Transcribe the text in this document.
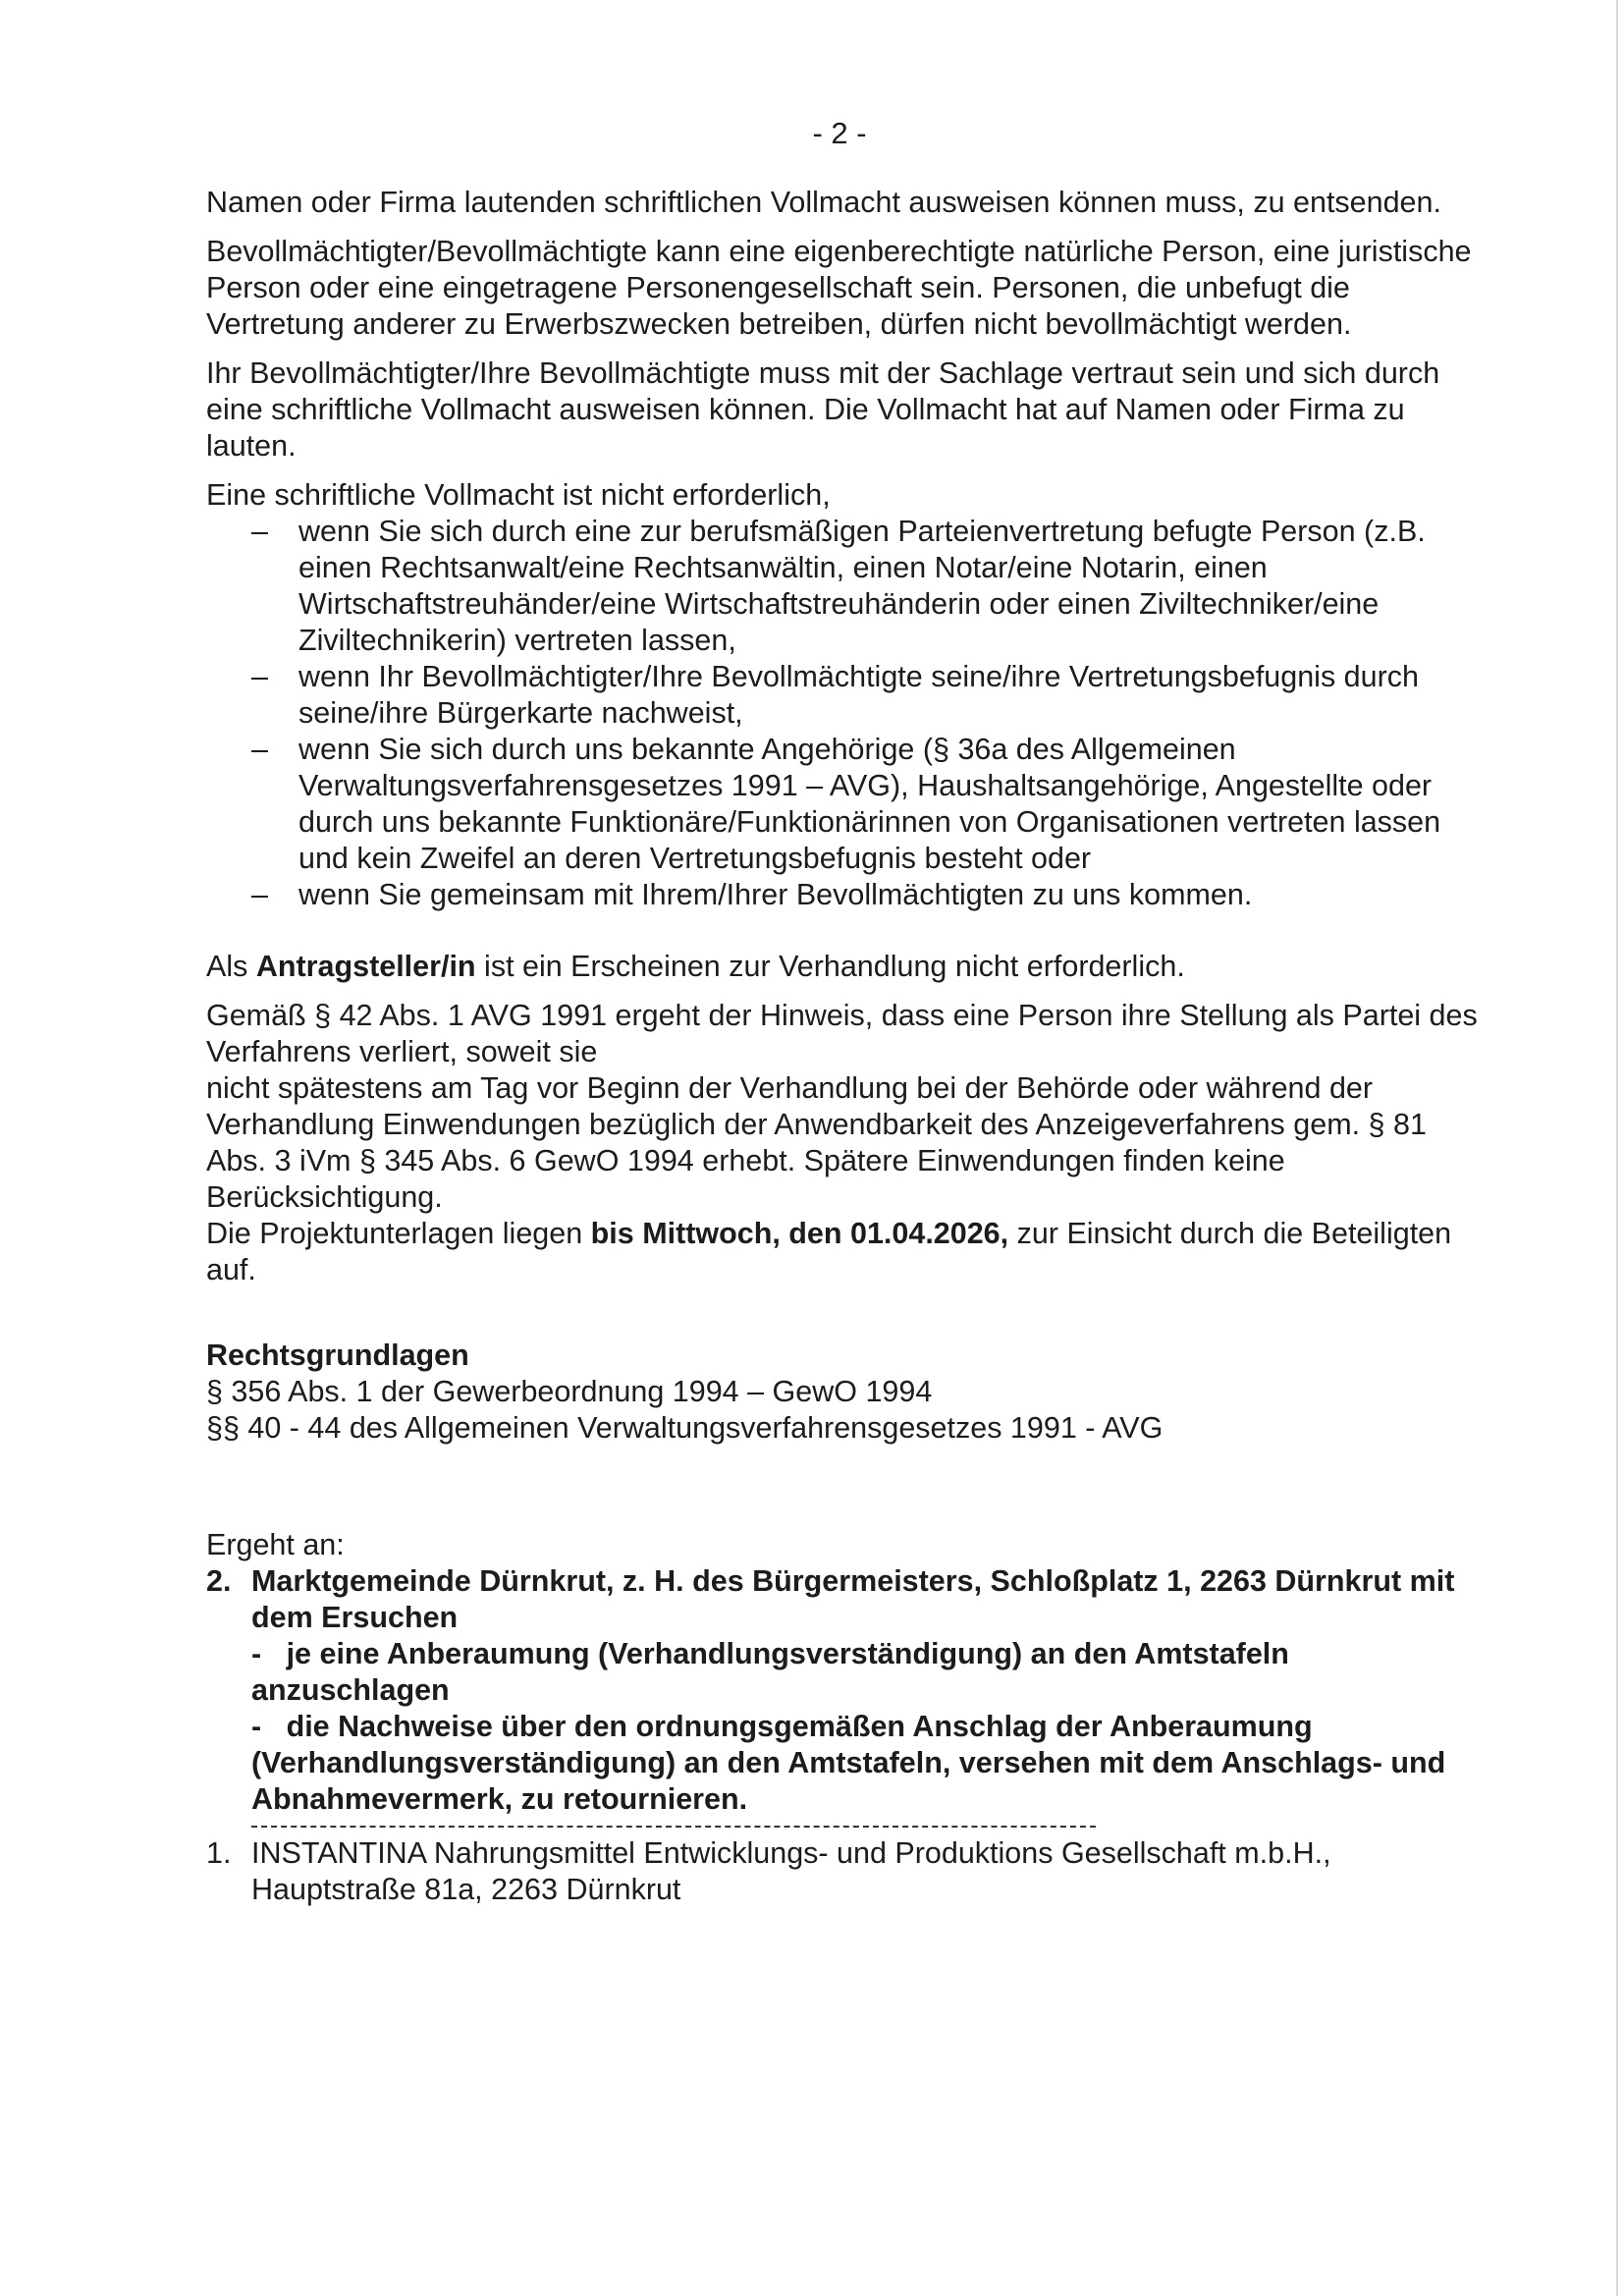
- 2 -

Namen oder Firma lautenden schriftlichen Vollmacht ausweisen können muss, zu entsenden.

Bevollmächtigter/Bevollmächtigte kann eine eigenberechtigte natürliche Person, eine juristische Person oder eine eingetragene Personengesellschaft sein. Personen, die unbefugt die Vertretung anderer zu Erwerbszwecken betreiben, dürfen nicht bevollmächtigt werden.

Ihr Bevollmächtigter/Ihre Bevollmächtigte muss mit der Sachlage vertraut sein und sich durch eine schriftliche Vollmacht ausweisen können. Die Vollmacht hat auf Namen oder Firma zu lauten.

Eine schriftliche Vollmacht ist nicht erforderlich,

– wenn Sie sich durch eine zur berufsmäßigen Parteienvertretung befugte Person (z.B. einen Rechtsanwalt/eine Rechtsanwältin, einen Notar/eine Notarin, einen Wirtschaftstreuhänder/eine Wirtschaftstreuhänderin oder einen Ziviltechniker/eine Ziviltechnikerin) vertreten lassen,
– wenn Ihr Bevollmächtigter/Ihre Bevollmächtigte seine/ihre Vertretungsbefugnis durch seine/ihre Bürgerkarte nachweist,
– wenn Sie sich durch uns bekannte Angehörige (§ 36a des Allgemeinen Verwaltungsverfahrensgesetzes 1991 – AVG), Haushaltsangehörige, Angestellte oder durch uns bekannte Funktionäre/Funktionärinnen von Organisationen vertreten lassen und kein Zweifel an deren Vertretungsbefugnis besteht oder
– wenn Sie gemeinsam mit Ihrem/Ihrer Bevollmächtigten zu uns kommen.

Als Antragsteller/in ist ein Erscheinen zur Verhandlung nicht erforderlich.

Gemäß § 42 Abs. 1 AVG 1991 ergeht der Hinweis, dass eine Person ihre Stellung als Partei des Verfahrens verliert, soweit sie

nicht spätestens am Tag vor Beginn der Verhandlung bei der Behörde oder während der Verhandlung Einwendungen bezüglich der Anwendbarkeit des Anzeigeverfahrens gem. § 81 Abs. 3 iVm § 345 Abs. 6 GewO 1994 erhebt. Spätere Einwendungen finden keine Berücksichtigung.

Die Projektunterlagen liegen bis Mittwoch, den 01.04.2026, zur Einsicht durch die Beteiligten auf.

Rechtsgrundlagen

§ 356 Abs. 1 der Gewerbeordnung 1994 – GewO 1994

§§ 40 - 44 des Allgemeinen Verwaltungsverfahrensgesetzes 1991 - AVG

Ergeht an:

2. Marktgemeinde Dürnkrut, z. H. des Bürgermeisters, Schloßplatz 1, 2263 Dürnkrut mit dem Ersuchen
-   je eine Anberaumung (Verhandlungsverständigung) an den Amtstafeln anzuschlagen
-   die Nachweise über den ordnungsgemäßen Anschlag der Anberaumung (Verhandlungsverständigung) an den Amtstafeln, versehen mit dem Anschlags- und Abnahmevermerk, zu retournieren.
1. INSTANTINA Nahrungsmittel Entwicklungs- und Produktions Gesellschaft m.b.H., Hauptstraße 81a, 2263 Dürnkrut
